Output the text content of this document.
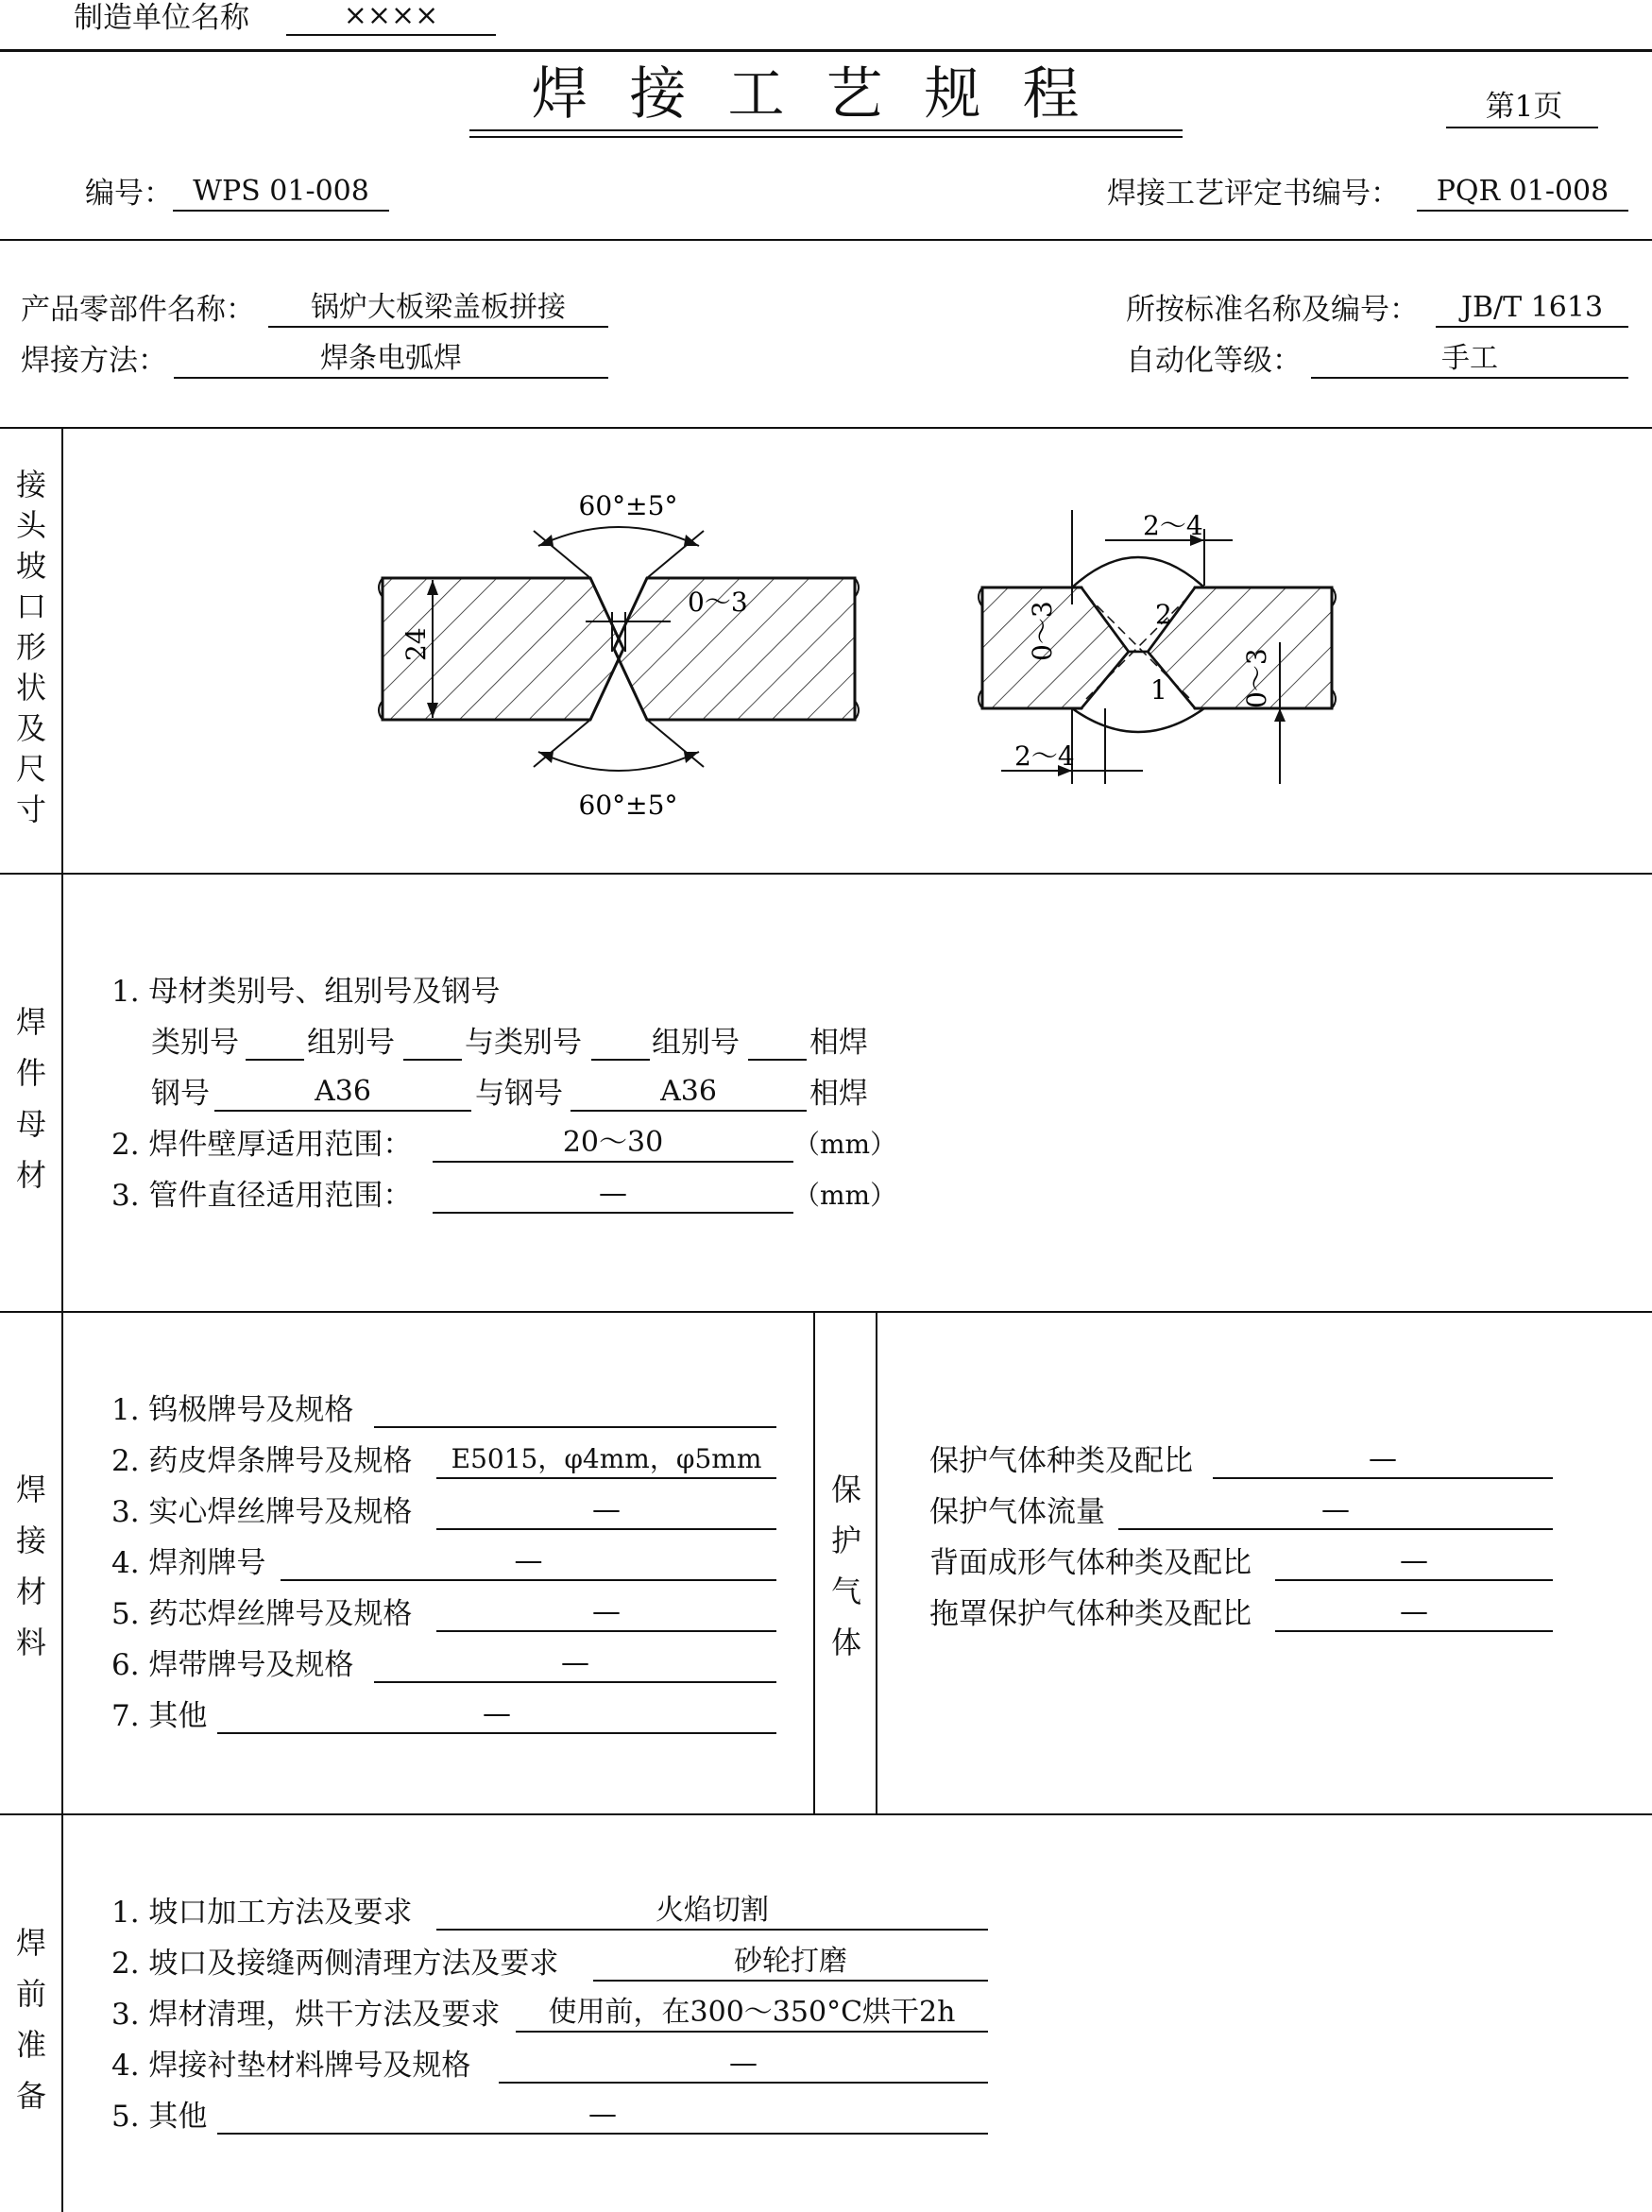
制造单位名称	××××
焊接工艺规程	第1页
编号： WPS 01-008	焊接工艺评定书编号：	PQR 01-008
产品零部件名称：	锅炉大板梁盖板拼接	所按标准名称及编号：	JB/T 1613
焊接方法：	焊条电弧焊	自动化等级：	手工
接
头
坡
口
形
状
及
尺
寸
60°±5°
60°±5°
0～3
24
2
1
2～4
2～4
0～3
0～3
焊
件
母
材
1. 母材类别号、组别号及钢号
类别号 组别号 与类别号 组别号 相焊
钢号	A36	与钢号	A36	相焊
2. 焊件壁厚适用范围：	20～30	（mm）
3. 管件直径适用范围：	—	（mm）
焊
接
材
料
1. 钨极牌号及规格
2. 药皮焊条牌号及规格	E5015，φ4mm，φ5mm
3. 实心焊丝牌号及规格	—
4. 焊剂牌号	—
5. 药芯焊丝牌号及规格	—
6. 焊带牌号及规格	—
7. 其他	—
保
护
气
体
保护气体种类及配比	—
保护气体流量	—
背面成形气体种类及配比	—
拖罩保护气体种类及配比	—
焊
前
准
备
1. 坡口加工方法及要求	火焰切割
2. 坡口及接缝两侧清理方法及要求	砂轮打磨
3. 焊材清理，烘干方法及要求	使用前，在300～350°C烘干2h
4. 焊接衬垫材料牌号及规格	—
5. 其他	—
